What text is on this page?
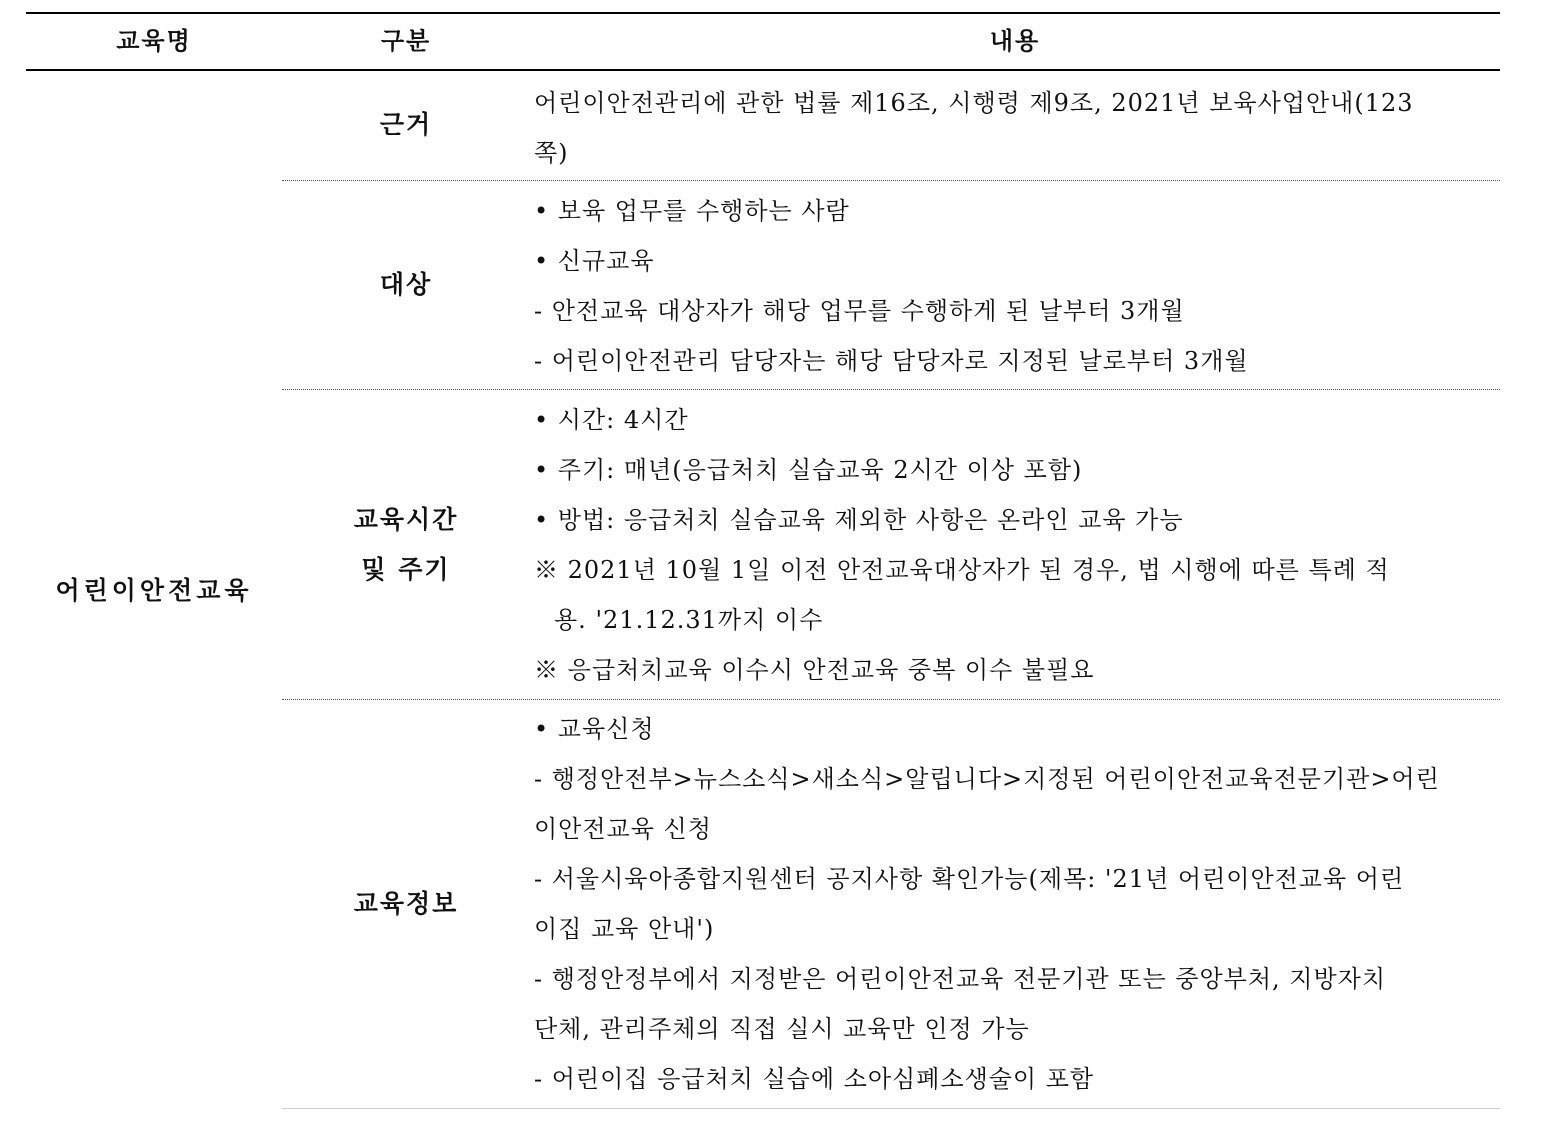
교육명	구분	내용
어린이안전교육
근거
어린이안전관리에 관한 법률 제16조, 시행령 제9조, 2021년 보육사업안내(123
쪽)
대상
• 보육 업무를 수행하는 사람
• 신규교육
- 안전교육 대상자가 해당 업무를 수행하게 된 날부터 3개월
- 어린이안전관리 담당자는 해당 담당자로 지정된 날로부터 3개월
교육시간
및 주기
• 시간: 4시간
• 주기: 매년(응급처치 실습교육 2시간 이상 포함)
• 방법: 응급처치 실습교육 제외한 사항은 온라인 교육 가능
※ 2021년 10월 1일 이전 안전교육대상자가 된 경우, 법 시행에 따른 특례 적
용. '21.12.31까지 이수
※ 응급처치교육 이수시 안전교육 중복 이수 불필요
교육정보
• 교육신청
- 행정안전부>뉴스소식>새소식>알립니다>지정된 어린이안전교육전문기관>어린
이안전교육 신청
- 서울시육아종합지원센터 공지사항 확인가능(제목: '21년 어린이안전교육 어린
이집 교육 안내')
- 행정안정부에서 지정받은 어린이안전교육 전문기관 또는 중앙부처, 지방자치
단체, 관리주체의 직접 실시 교육만 인정 가능
- 어린이집 응급처치 실습에 소아심폐소생술이 포함
